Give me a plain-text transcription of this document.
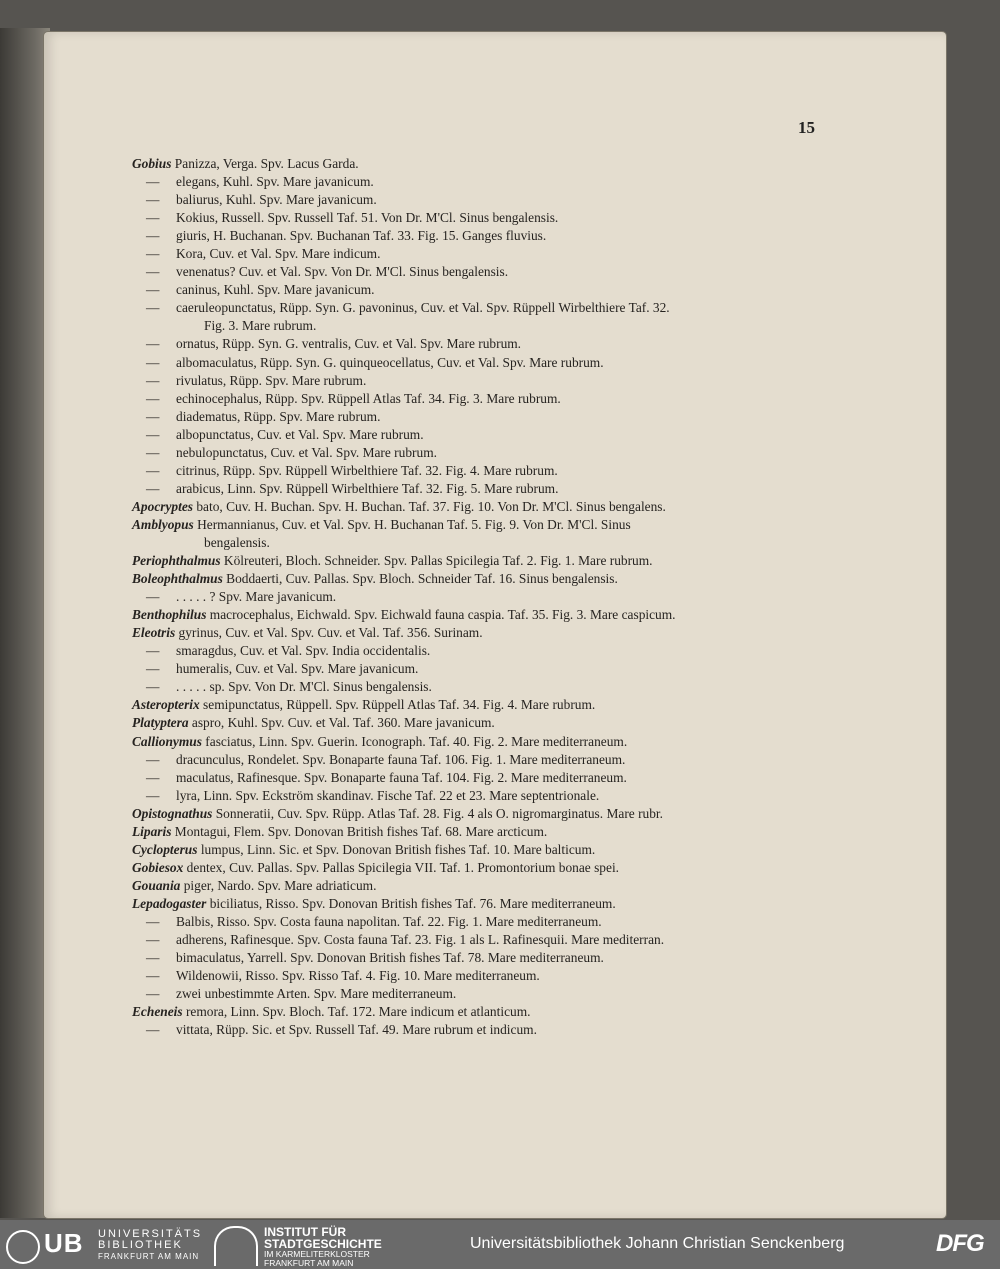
15
Gobius Panizza, Verga. Spv. Lacus Garda.
— elegans, Kuhl. Spv. Mare javanicum.
— baliurus, Kuhl. Spv. Mare javanicum.
— Kokius, Russell. Spv. Russell Taf. 51. Von Dr. M'Cl. Sinus bengalensis.
— giuris, H. Buchanan. Spv. Buchanan Taf. 33. Fig. 15. Ganges fluvius.
— Kora, Cuv. et Val. Spv. Mare indicum.
— venenatus? Cuv. et Val. Spv. Von Dr. M'Cl. Sinus bengalensis.
— caninus, Kuhl. Spv. Mare javanicum.
— caeruleopunctatus, Rüpp. Syn. G. pavoninus, Cuv. et Val. Spv. Rüppell Wirbelthiere Taf. 32.
Fig. 3. Mare rubrum.
— ornatus, Rüpp. Syn. G. ventralis, Cuv. et Val. Spv. Mare rubrum.
— albomaculatus, Rüpp. Syn. G. quinqueocellatus, Cuv. et Val. Spv. Mare rubrum.
— rivulatus, Rüpp. Spv. Mare rubrum.
— echinocephalus, Rüpp. Spv. Rüppell Atlas Taf. 34. Fig. 3. Mare rubrum.
— diadematus, Rüpp. Spv. Mare rubrum.
— albopunctatus, Cuv. et Val. Spv. Mare rubrum.
— nebulopunctatus, Cuv. et Val. Spv. Mare rubrum.
— citrinus, Rüpp. Spv. Rüppell Wirbelthiere Taf. 32. Fig. 4. Mare rubrum.
— arabicus, Linn. Spv. Rüppell Wirbelthiere Taf. 32. Fig. 5. Mare rubrum.
Apocryptes bato, Cuv. H. Buchan. Spv. H. Buchan. Taf. 37. Fig. 10. Von Dr. M'Cl. Sinus bengalens.
Amblyopus Hermannianus, Cuv. et Val. Spv. H. Buchanan Taf. 5. Fig. 9. Von Dr. M'Cl. Sinus
bengalensis.
Periophthalmus Kölreuteri, Bloch. Schneider. Spv. Pallas Spicilegia Taf. 2. Fig. 1. Mare rubrum.
Boleophthalmus Boddaerti, Cuv. Pallas. Spv. Bloch. Schneider Taf. 16. Sinus bengalensis.
— . . . . . ? Spv. Mare javanicum.
Benthophilus macrocephalus, Eichwald. Spv. Eichwald fauna caspia. Taf. 35. Fig. 3. Mare caspicum.
Eleotris gyrinus, Cuv. et Val. Spv. Cuv. et Val. Taf. 356. Surinam.
— smaragdus, Cuv. et Val. Spv. India occidentalis.
— humeralis, Cuv. et Val. Spv. Mare javanicum.
— . . . . . sp. Spv. Von Dr. M'Cl. Sinus bengalensis.
Asteropterix semipunctatus, Rüppell. Spv. Rüppell Atlas Taf. 34. Fig. 4. Mare rubrum.
Platyptera aspro, Kuhl. Spv. Cuv. et Val. Taf. 360. Mare javanicum.
Callionymus fasciatus, Linn. Spv. Guerin. Iconograph. Taf. 40. Fig. 2. Mare mediterraneum.
— dracunculus, Rondelet. Spv. Bonaparte fauna Taf. 106. Fig. 1. Mare mediterraneum.
— maculatus, Rafinesque. Spv. Bonaparte fauna Taf. 104. Fig. 2. Mare mediterraneum.
— lyra, Linn. Spv. Eckström skandinav. Fische Taf. 22 et 23. Mare septentrionale.
Opistognathus Sonneratii, Cuv. Spv. Rüpp. Atlas Taf. 28. Fig. 4 als O. nigromarginatus. Mare rubr.
Liparis Montagui, Flem. Spv. Donovan British fishes Taf. 68. Mare arcticum.
Cyclopterus lumpus, Linn. Sic. et Spv. Donovan British fishes Taf. 10. Mare balticum.
Gobiesox dentex, Cuv. Pallas. Spv. Pallas Spicilegia VII. Taf. 1. Promontorium bonae spei.
Gouania piger, Nardo. Spv. Mare adriaticum.
Lepadogaster biciliatus, Risso. Spv. Donovan British fishes Taf. 76. Mare mediterraneum.
— Balbis, Risso. Spv. Costa fauna napolitan. Taf. 22. Fig. 1. Mare mediterraneum.
— adherens, Rafinesque. Spv. Costa fauna Taf. 23. Fig. 1 als L. Rafinesquii. Mare mediterran.
— bimaculatus, Yarrell. Spv. Donovan British fishes Taf. 78. Mare mediterraneum.
— Wildenowii, Risso. Spv. Risso Taf. 4. Fig. 10. Mare mediterraneum.
— zwei unbestimmte Arten. Spv. Mare mediterraneum.
Echeneis remora, Linn. Spv. Bloch. Taf. 172. Mare indicum et atlanticum.
— vittata, Rüpp. Sic. et Spv. Russell Taf. 49. Mare rubrum et indicum.
UB UNIVERSITÄTS
BIBLIOTHEK
FRANKFURT AM MAIN
INSTITUT FÜR
STADTGESCHICHTE
IM KARMELITERKLOSTER
FRANKFURT AM MAIN
Universitätsbibliothek Johann Christian Senckenberg	DFG
